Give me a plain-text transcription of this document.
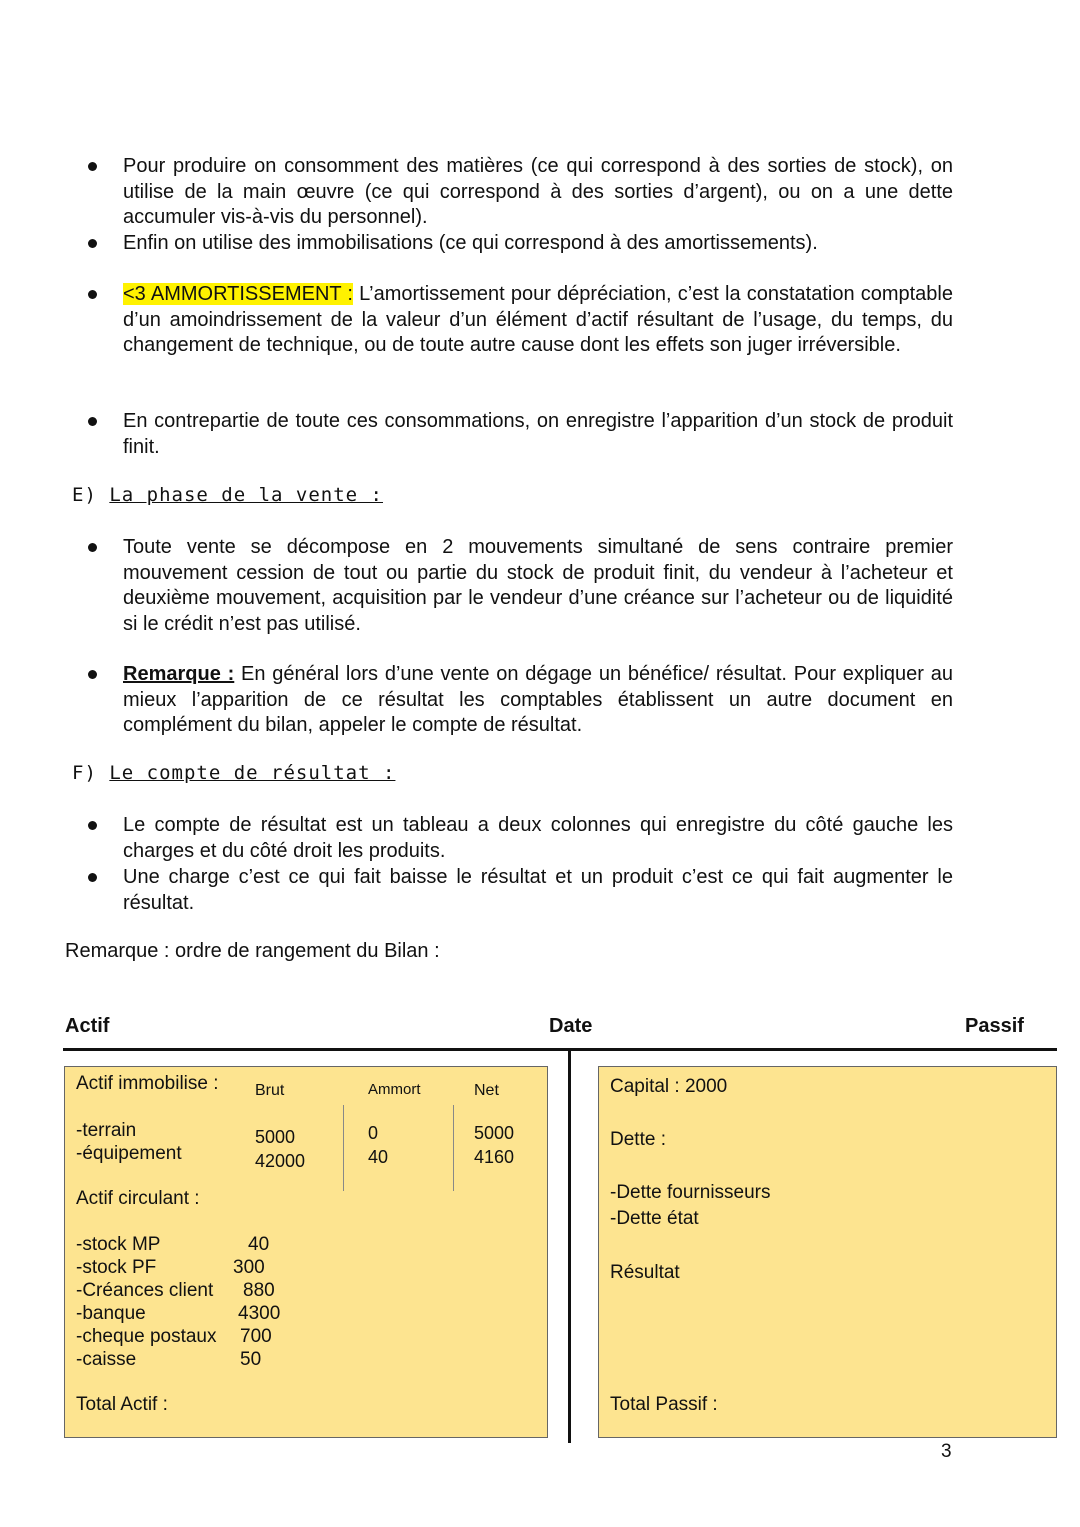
Pour produire on consomment des matières (ce qui correspond à des sorties de stock), on utilise de la main œuvre (ce qui correspond à des sorties d’argent), ou on a une dette accumuler vis-à-vis du personnel).
Enfin on utilise des immobilisations (ce qui correspond à des amortissements).
<3 AMMORTISSEMENT : L’amortissement pour dépréciation, c’est la constatation comptable d’un amoindrissement de la valeur d’un élément d’actif résultant de l’usage, du temps, du changement de technique, ou de toute autre cause dont les effets son juger irréversible.
En contrepartie de toute ces consommations, on enregistre l’apparition d’un stock de produit finit.
E) La phase de la vente :
Toute vente se décompose en 2 mouvements simultané de sens contraire premier mouvement cession de tout ou partie du stock de produit finit, du vendeur à l’acheteur et deuxième mouvement, acquisition par le vendeur d’une créance sur l’acheteur ou de liquidité si le crédit n’est pas utilisé.
Remarque : En général lors d’une vente on dégage un bénéfice/ résultat. Pour expliquer au mieux l’apparition de ce résultat les comptables établissent un autre document en complément du bilan, appeler le compte de résultat.
F) Le compte de résultat :
Le compte de résultat est un tableau a deux colonnes qui enregistre du côté gauche les charges et du côté droit les produits.
Une charge c’est ce qui fait baisse le résultat et un produit c’est ce qui fait augmenter le résultat.
Remarque : ordre de rangement du Bilan :
Actif	Date	Passif
Actif immobilise : Brut	Ammort	Net
-terrain	5000	0	5000
-équipement	42000	40	4160
Actif circulant :
-stock MP	40
-stock PF	300
-Créances client 880
-banque	4300
-cheque postaux 700
-caisse	50
Total Actif :
Capital : 2000
Dette :
-Dette fournisseurs
-Dette état
Résultat
Total Passif :
3
